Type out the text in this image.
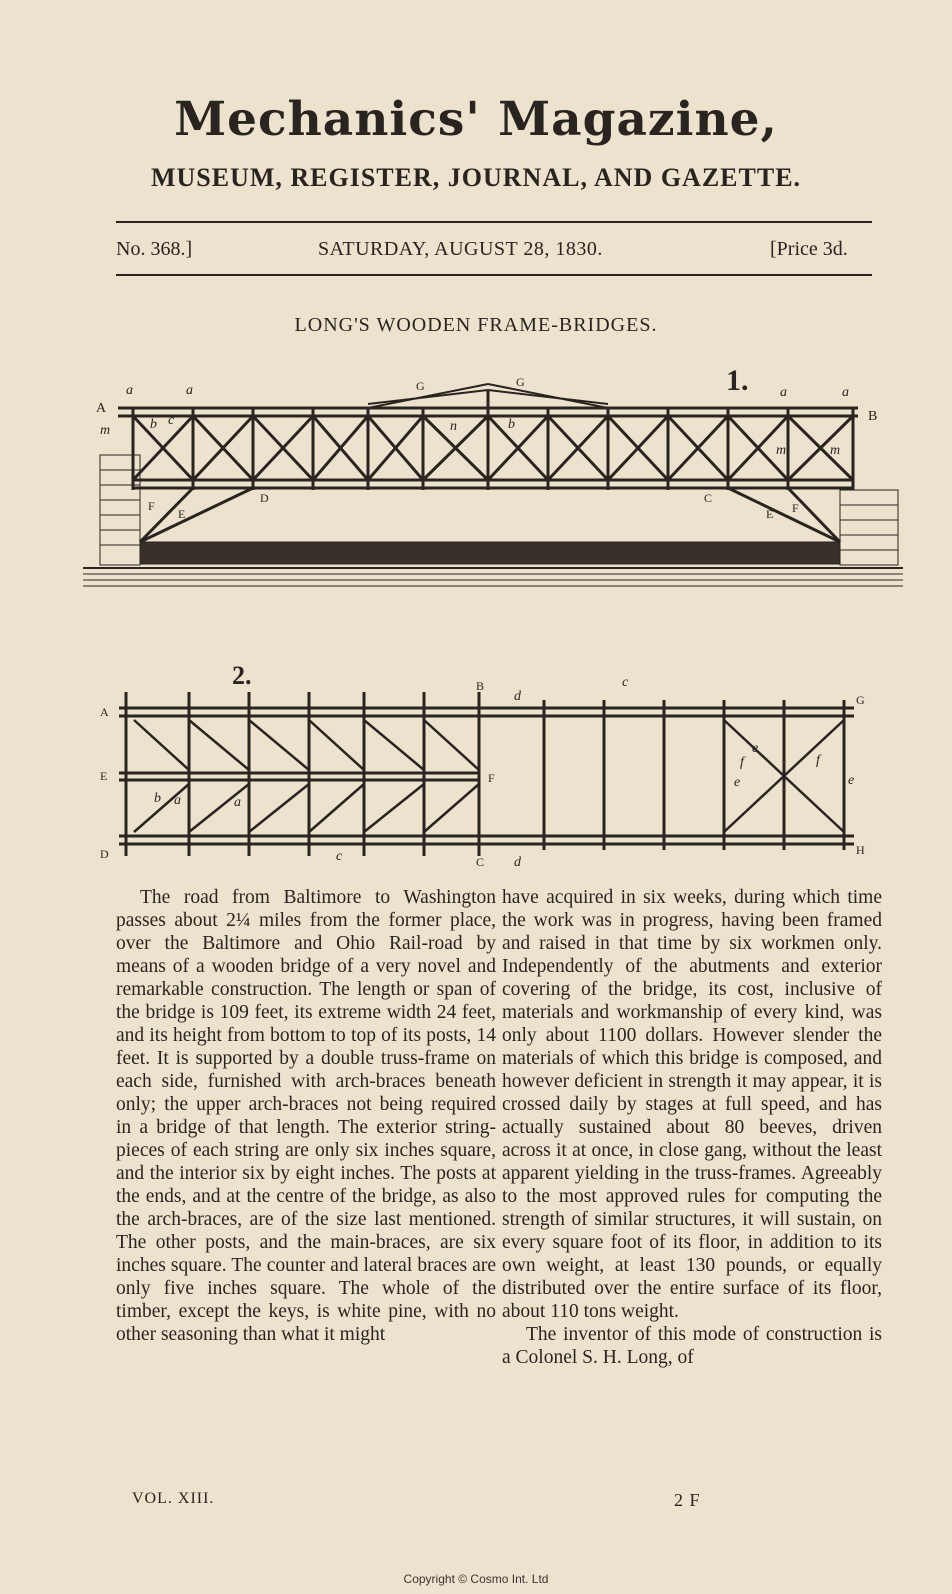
Mechanics' Magazine,
MUSEUM, REGISTER, JOURNAL, AND GAZETTE.
No. 368.]	SATURDAY, AUGUST 28, 1830.	[Price 3d.
LONG'S WOODEN FRAME-BRIDGES.
1.
A
B
a	a	a	a
G	G
m
m	m
b c	n	b
F
E
D	C
E F
2.
A
E
D
B
F
C
G
H
a	a
b
c
c
d
d
e
e	e
f	f

The road from Baltimore to Washington passes about 2¼ miles from the former place, over the Baltimore and Ohio Rail-road by means of a wooden bridge of a very novel and remarkable construction. The length or span of the bridge is 109 feet, its extreme width 24 feet, and its height from bottom to top of its posts, 14 feet. It is supported by a double truss-frame on each side, furnished with arch-braces beneath only; the upper arch-braces not being required in a bridge of that length. The exterior string-pieces of each string are only six inches square, and the interior six by eight inches. The posts at the ends, and at the centre of the bridge, as also the arch-braces, are of the size last mentioned. The other posts, and the main-braces, are six inches square. The counter and lateral braces are only five inches square. The whole of the timber, except the keys, is white pine, with no other seasoning than what it might

have acquired in six weeks, during which time the work was in progress, having been framed and raised in that time by six workmen only. Independently of the abutments and exterior covering of the bridge, its cost, inclusive of materials and workmanship of every kind, was only about 1100 dollars. However slender the materials of which this bridge is composed, and however deficient in strength it may appear, it is crossed daily by stages at full speed, and has actually sustained about 80 beeves, driven across it at once, in close gang, without the least apparent yielding in the truss-frames. Agreeably to the most approved rules for computing the strength of similar structures, it will sustain, on every square foot of its floor, in addition to its own weight, at least 130 pounds, or equally distributed over the entire surface of its floor, about 110 tons weight.

The inventor of this mode of construction is a Colonel S. H. Long, of

VOL. XIII.	2 F
Copyright © Cosmo Int. Ltd
